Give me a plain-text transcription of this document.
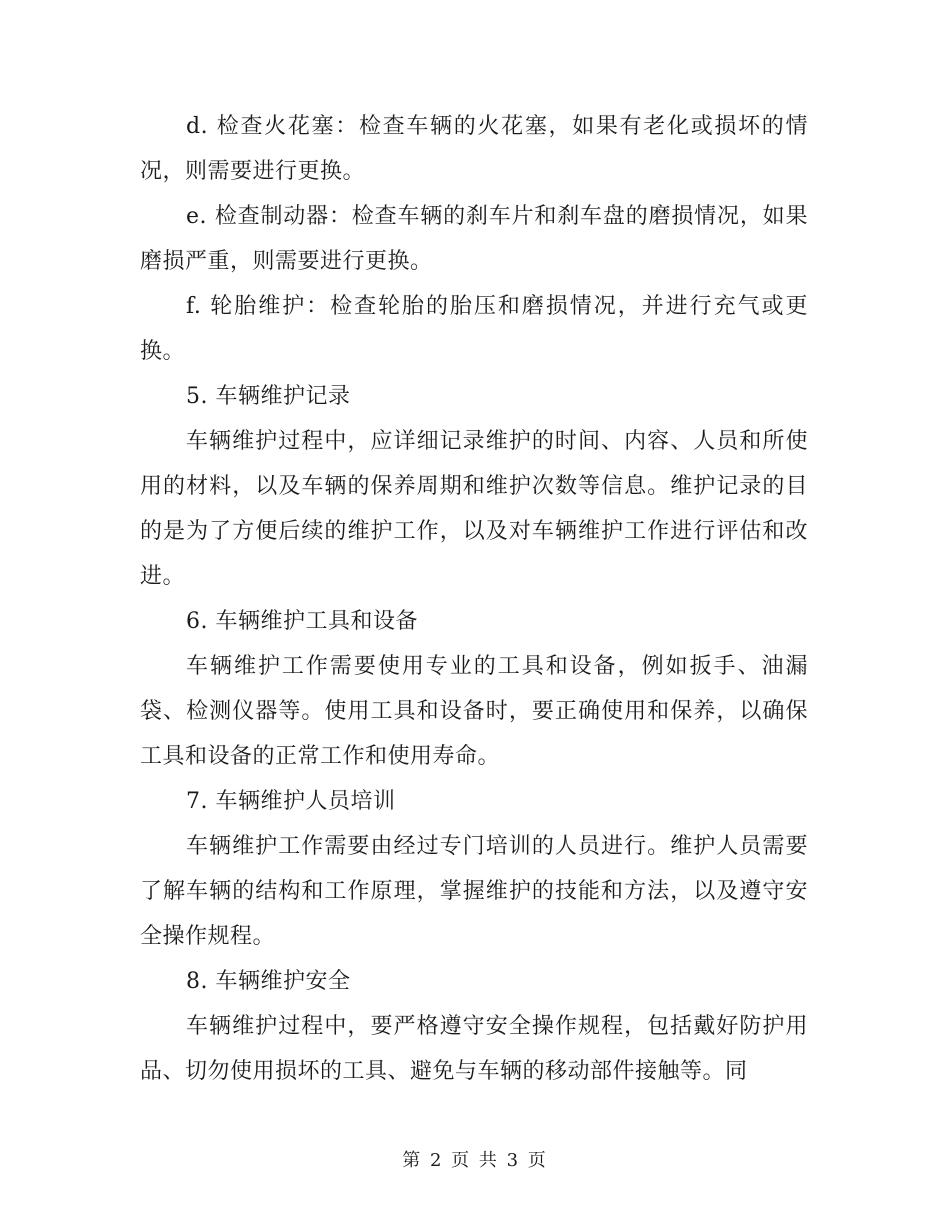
d. 检查火花塞：检查车辆的火花塞，如果有老化或损坏的情况，则需要进行更换。

e. 检查制动器：检查车辆的刹车片和刹车盘的磨损情况，如果磨损严重，则需要进行更换。

f. 轮胎维护：检查轮胎的胎压和磨损情况，并进行充气或更换。

5. 车辆维护记录

车辆维护过程中，应详细记录维护的时间、内容、人员和所使用的材料，以及车辆的保养周期和维护次数等信息。维护记录的目的是为了方便后续的维护工作，以及对车辆维护工作进行评估和改进。

6. 车辆维护工具和设备

车辆维护工作需要使用专业的工具和设备，例如扳手、油漏袋、检测仪器等。使用工具和设备时，要正确使用和保养，以确保工具和设备的正常工作和使用寿命。

7. 车辆维护人员培训

车辆维护工作需要由经过专门培训的人员进行。维护人员需要了解车辆的结构和工作原理，掌握维护的技能和方法，以及遵守安全操作规程。

8. 车辆维护安全

车辆维护过程中，要严格遵守安全操作规程，包括戴好防护用品、切勿使用损坏的工具、避免与车辆的移动部件接触等。同

第 2 页 共 3 页
